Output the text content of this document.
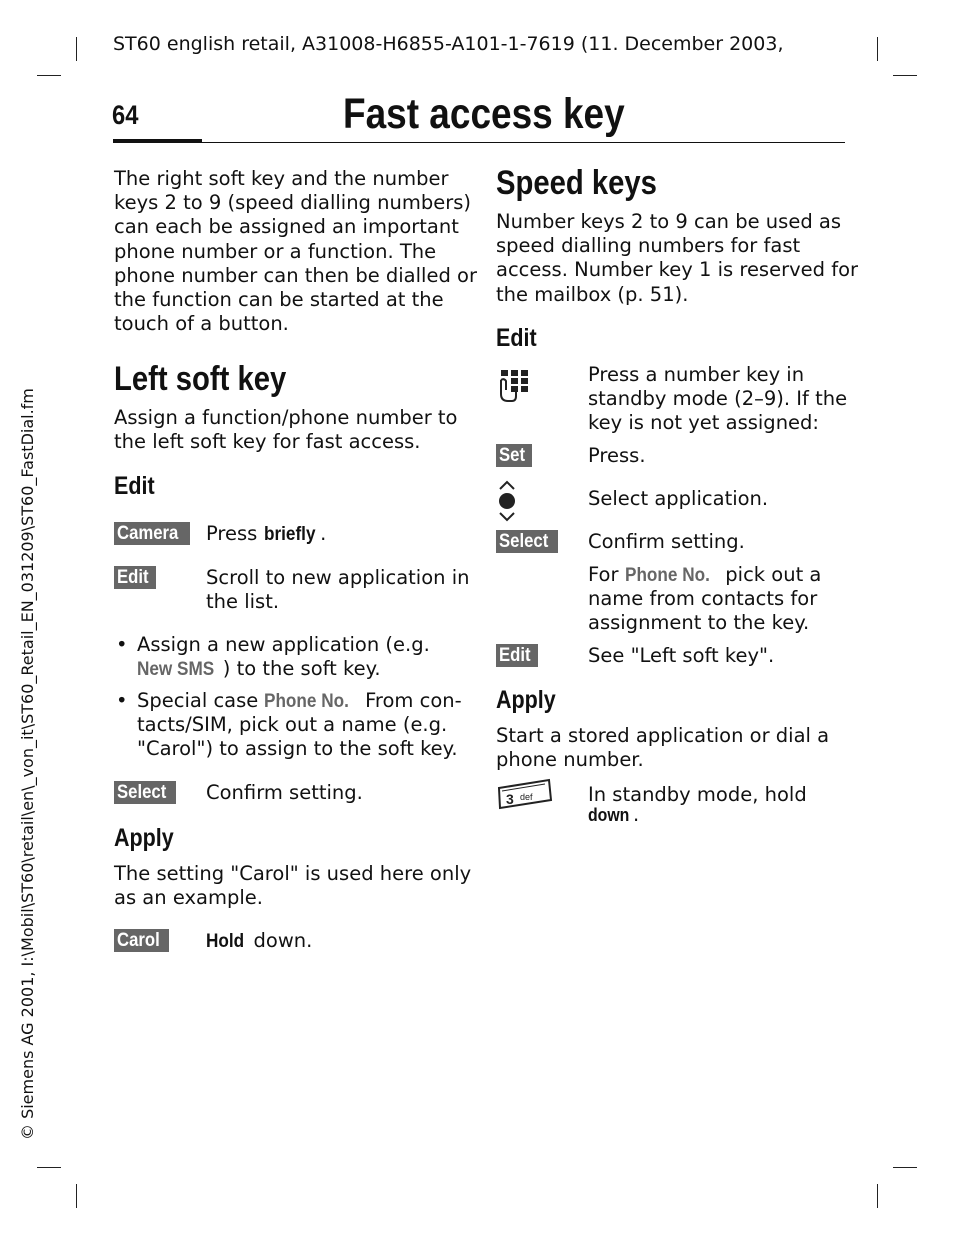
ST60 english retail, A31008-H6855-A101-1-7619 (11. December 2003,
64	Fast access key
© Siemens AG 2001, I:\Mobil\ST60\retail\en\_von_it\ST60_Retail_EN_031209\ST60_FastDial.fm
The right soft key and the number
keys 2 to 9 (speed dialling numbers)
can each be assigned an important
phone number or a function. The
phone number can then be dialled or
the function can be started at the
touch of a button.
Left soft key
Assign a function/phone number to
the left soft key for fast access.
Edit
Camera	Press briefly .
Edit	Scroll to new application in
the list.
• Assign a new application (e.g.
New SMS ) to the soft key.
• Special case Phone No. From con-
tacts/SIM, pick out a name (e.g.
"Carol") to assign to the soft key.
Select	Confirm setting.
Apply
The setting "Carol" is used here only
as an example.
Carol	Hold down.
Speed keys
Number keys 2 to 9 can be used as
speed dialling numbers for fast
access. Number key 1 is reserved for
the mailbox (p. 51).
Edit
Press a number key in
standby mode (2–9). If the
key is not yet assigned:
Set	Press.
Select application.
Select	Confirm setting.
For Phone No. pick out a
name from contacts for
assignment to the key.
Edit	See "Left soft key".
Apply
Start a stored application or dial a
phone number.
3 def	In standby mode, hold
down .
